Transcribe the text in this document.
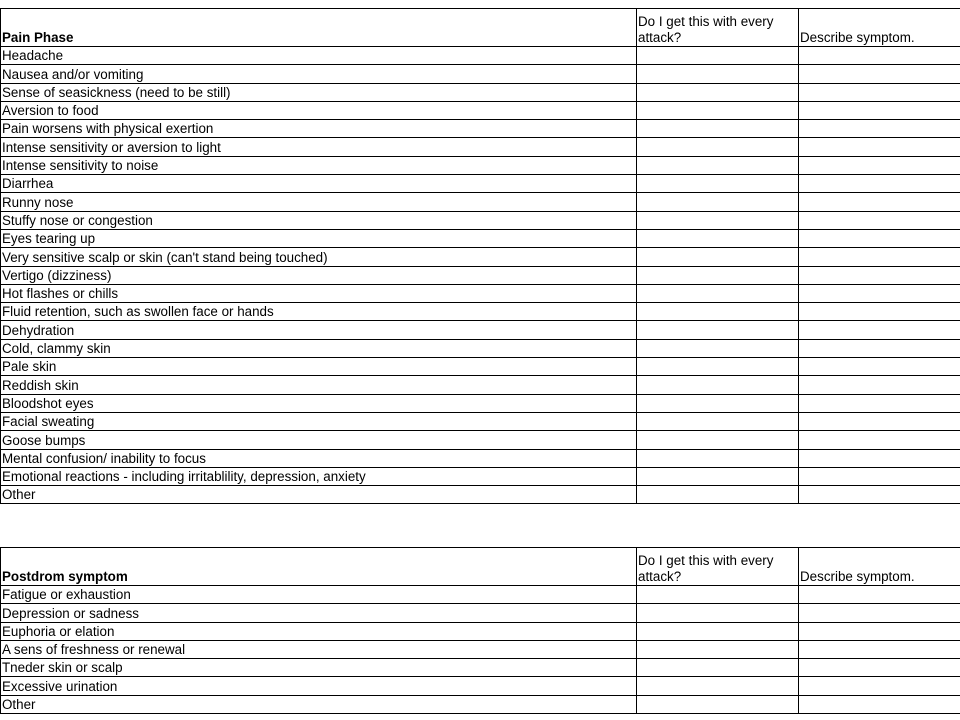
Pain Phase	Do I get this with every attack?	Describe symptom.
Headache		
Nausea and/or vomiting		
Sense of seasickness (need to be still)		
Aversion to food		
Pain worsens with physical exertion		
Intense sensitivity or aversion to light		
Intense sensitivity to noise		
Diarrhea		
Runny nose		
Stuffy nose or congestion		
Eyes tearing up		
Very sensitive scalp or skin (can't stand being touched)		
Vertigo (dizziness)		
Hot flashes or chills		
Fluid retention, such as swollen face or hands		
Dehydration		
Cold, clammy skin		
Pale skin		
Reddish skin		
Bloodshot eyes		
Facial sweating		
Goose bumps		
Mental confusion/ inability to focus		
Emotional reactions - including irritablility, depression, anxiety		
Other		
Postdrom symptom	Do I get this with every attack?	Describe symptom.
Fatigue or exhaustion		
Depression or sadness		
Euphoria or elation		
A sens of freshness or renewal		
Tneder skin or scalp		
Excessive urination		
Other		
